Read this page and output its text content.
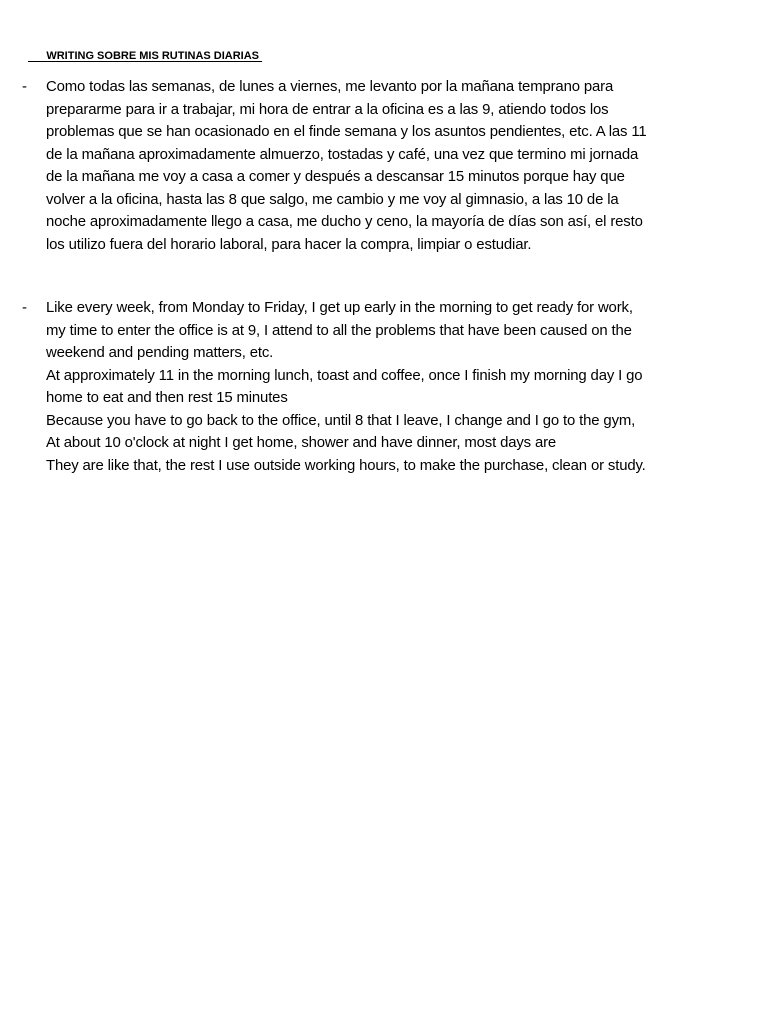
WRITING SOBRE MIS RUTINAS DIARIAS
-	Como todas las semanas, de lunes a viernes, me levanto por la mañana temprano para prepararme para ir a trabajar, mi hora de entrar a la oficina es a las 9, atiendo todos los problemas que se han ocasionado en el finde semana y los asuntos pendientes, etc. A las 11 de la mañana aproximadamente almuerzo, tostadas y café, una vez que termino mi jornada de la mañana me voy a casa a comer y después a descansar 15 minutos porque hay que volver a la oficina, hasta las 8 que salgo, me cambio y me voy al gimnasio, a las 10 de la noche aproximadamente llego a casa, me ducho y ceno, la mayoría de días son así, el resto los utilizo fuera del horario laboral, para hacer la compra, limpiar o estudiar.
-	Like every week, from Monday to Friday, I get up early in the morning to get ready for work, my time to enter the office is at 9, I attend to all the problems that have been caused on the weekend and pending matters, etc. At approximately 11 in the morning lunch, toast and coffee, once I finish my morning day I go home to eat and then rest 15 minutes Because you have to go back to the office, until 8 that I leave, I change and I go to the gym, At about 10 o'clock at night I get home, shower and have dinner, most days are They are like that, the rest I use outside working hours, to make the purchase, clean or study.
